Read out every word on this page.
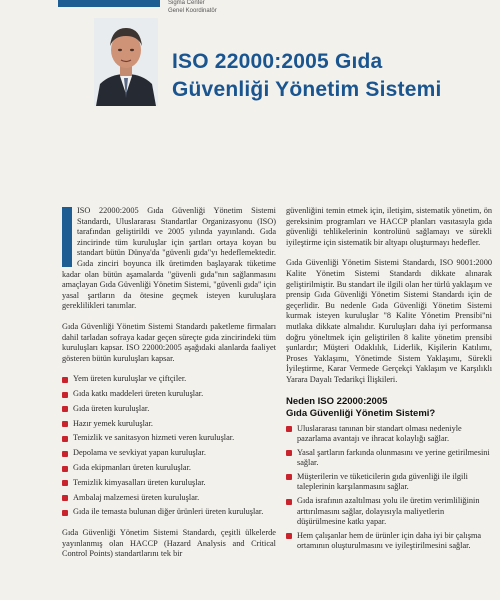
Sigma Center
Genel Koordinatör
ISO 22000:2005 Gıda
Güvenliği Yönetim Sistemi

ISO 22000:2005 Gıda Güvenliği Yönetim Sistemi Standardı, Uluslararası Standartlar Organizasyonu (ISO) tarafından geliştirildi ve 2005 yılında yayınlandı. Gıda zincirinde tüm kuruluşlar için şartları ortaya koyan bu standart bütün Dünya'da "güvenli gıda"yı hedeflemektedir. Gıda zinciri boyunca ilk üretimden başlayarak tüketime kadar olan bütün aşamalarda "güvenli gıda"nın sağlanmasını amaçlayan Gıda Güvenliği Yönetim Sistemi, "güvenli gıda" için yasal şartların da ötesine geçmek isteyen kuruluşlara gereklilikleri tanımlar.

Gıda Güvenliği Yönetim Sistemi Standardı paketleme firmaları dahil tarladan sofraya kadar geçen süreçte gıda zincirindeki tüm kuruluşları kapsar. ISO 22000:2005 aşağıdaki alanlarda faaliyet gösteren bütün kuruluşları kapsar.

Yem üreten kuruluşlar ve çiftçiler.
Gıda katkı maddeleri üreten kuruluşlar.
Gıda üreten kuruluşlar.
Hazır yemek kuruluşlar.
Temizlik ve sanitasyon hizmeti veren kuruluşlar.
Depolama ve sevkiyat yapan kuruluşlar.
Gıda ekipmanları üreten kuruluşlar.
Temizlik kimyasalları üreten kuruluşlar.
Ambalaj malzemesi üreten kuruluşlar.
Gıda ile temasta bulunan diğer ürünleri üreten kuruluşlar.

Gıda Güvenliği Yönetim Sistemi Standardı, çeşitli ülkelerde yayınlanmış olan HACCP (Hazard Analysis and Critical Control Points) standartlarını tek bir

güvenliğini temin etmek için, iletişim, sistematik yönetim, ön gereksinim programları ve HACCP planları vasıtasıyla gıda güvenliği tehlikelerinin kontrolünü sağlamayı ve sürekli iyileştirme için sistematik bir altyapı oluşturmayı hedefler.

Gıda Güvenliği Yönetim Sistemi Standardı, ISO 9001:2000 Kalite Yönetim Sistemi Standardı dikkate alınarak geliştirilmiştir. Bu standart ile ilgili olan her türlü yaklaşım ve prensip Gıda Güvenliği Yönetim Sistemi Standardı için de geçerlidir. Bu nedenle Gıda Güvenliği Yönetim Sistemi kurmak isteyen kuruluşlar "8 Kalite Yönetim Prensibi"ni mutlaka dikkate almalıdır. Kuruluşları daha iyi performansa doğru yöneltmek için geliştirilen 8 kalite yönetim prensibi şunlardır; Müşteri Odaklılık, Liderlik, Kişilerin Katılımı, Proses Yaklaşımı, Yönetimde Sistem Yaklaşımı, Sürekli İyileştirme, Karar Vermede Gerçekçi Yaklaşım ve Karşılıklı Yarara Dayalı Tedarikçi İlişkileri.

Neden ISO 22000:2005
Gıda Güvenliği Yönetim Sistemi?
Uluslararası tanınan bir standart olması nedeniyle pazarlama avantajı ve ihracat kolaylığı sağlar.
Yasal şartların farkında olunmasını ve yerine getirilmesini sağlar.
Müşterilerin ve tüketicilerin gıda güvenliği ile ilgili taleplerinin karşılanmasını sağlar.
Gıda israfının azaltılması yolu ile üretim verimliliğinin arttırılmasını sağlar, dolayısıyla maliyetlerin düşürülmesine katkı yapar.
Hem çalışanlar hem de ürünler için daha iyi bir çalışma ortamının oluşturulmasını ve iyileştirilmesini sağlar.
